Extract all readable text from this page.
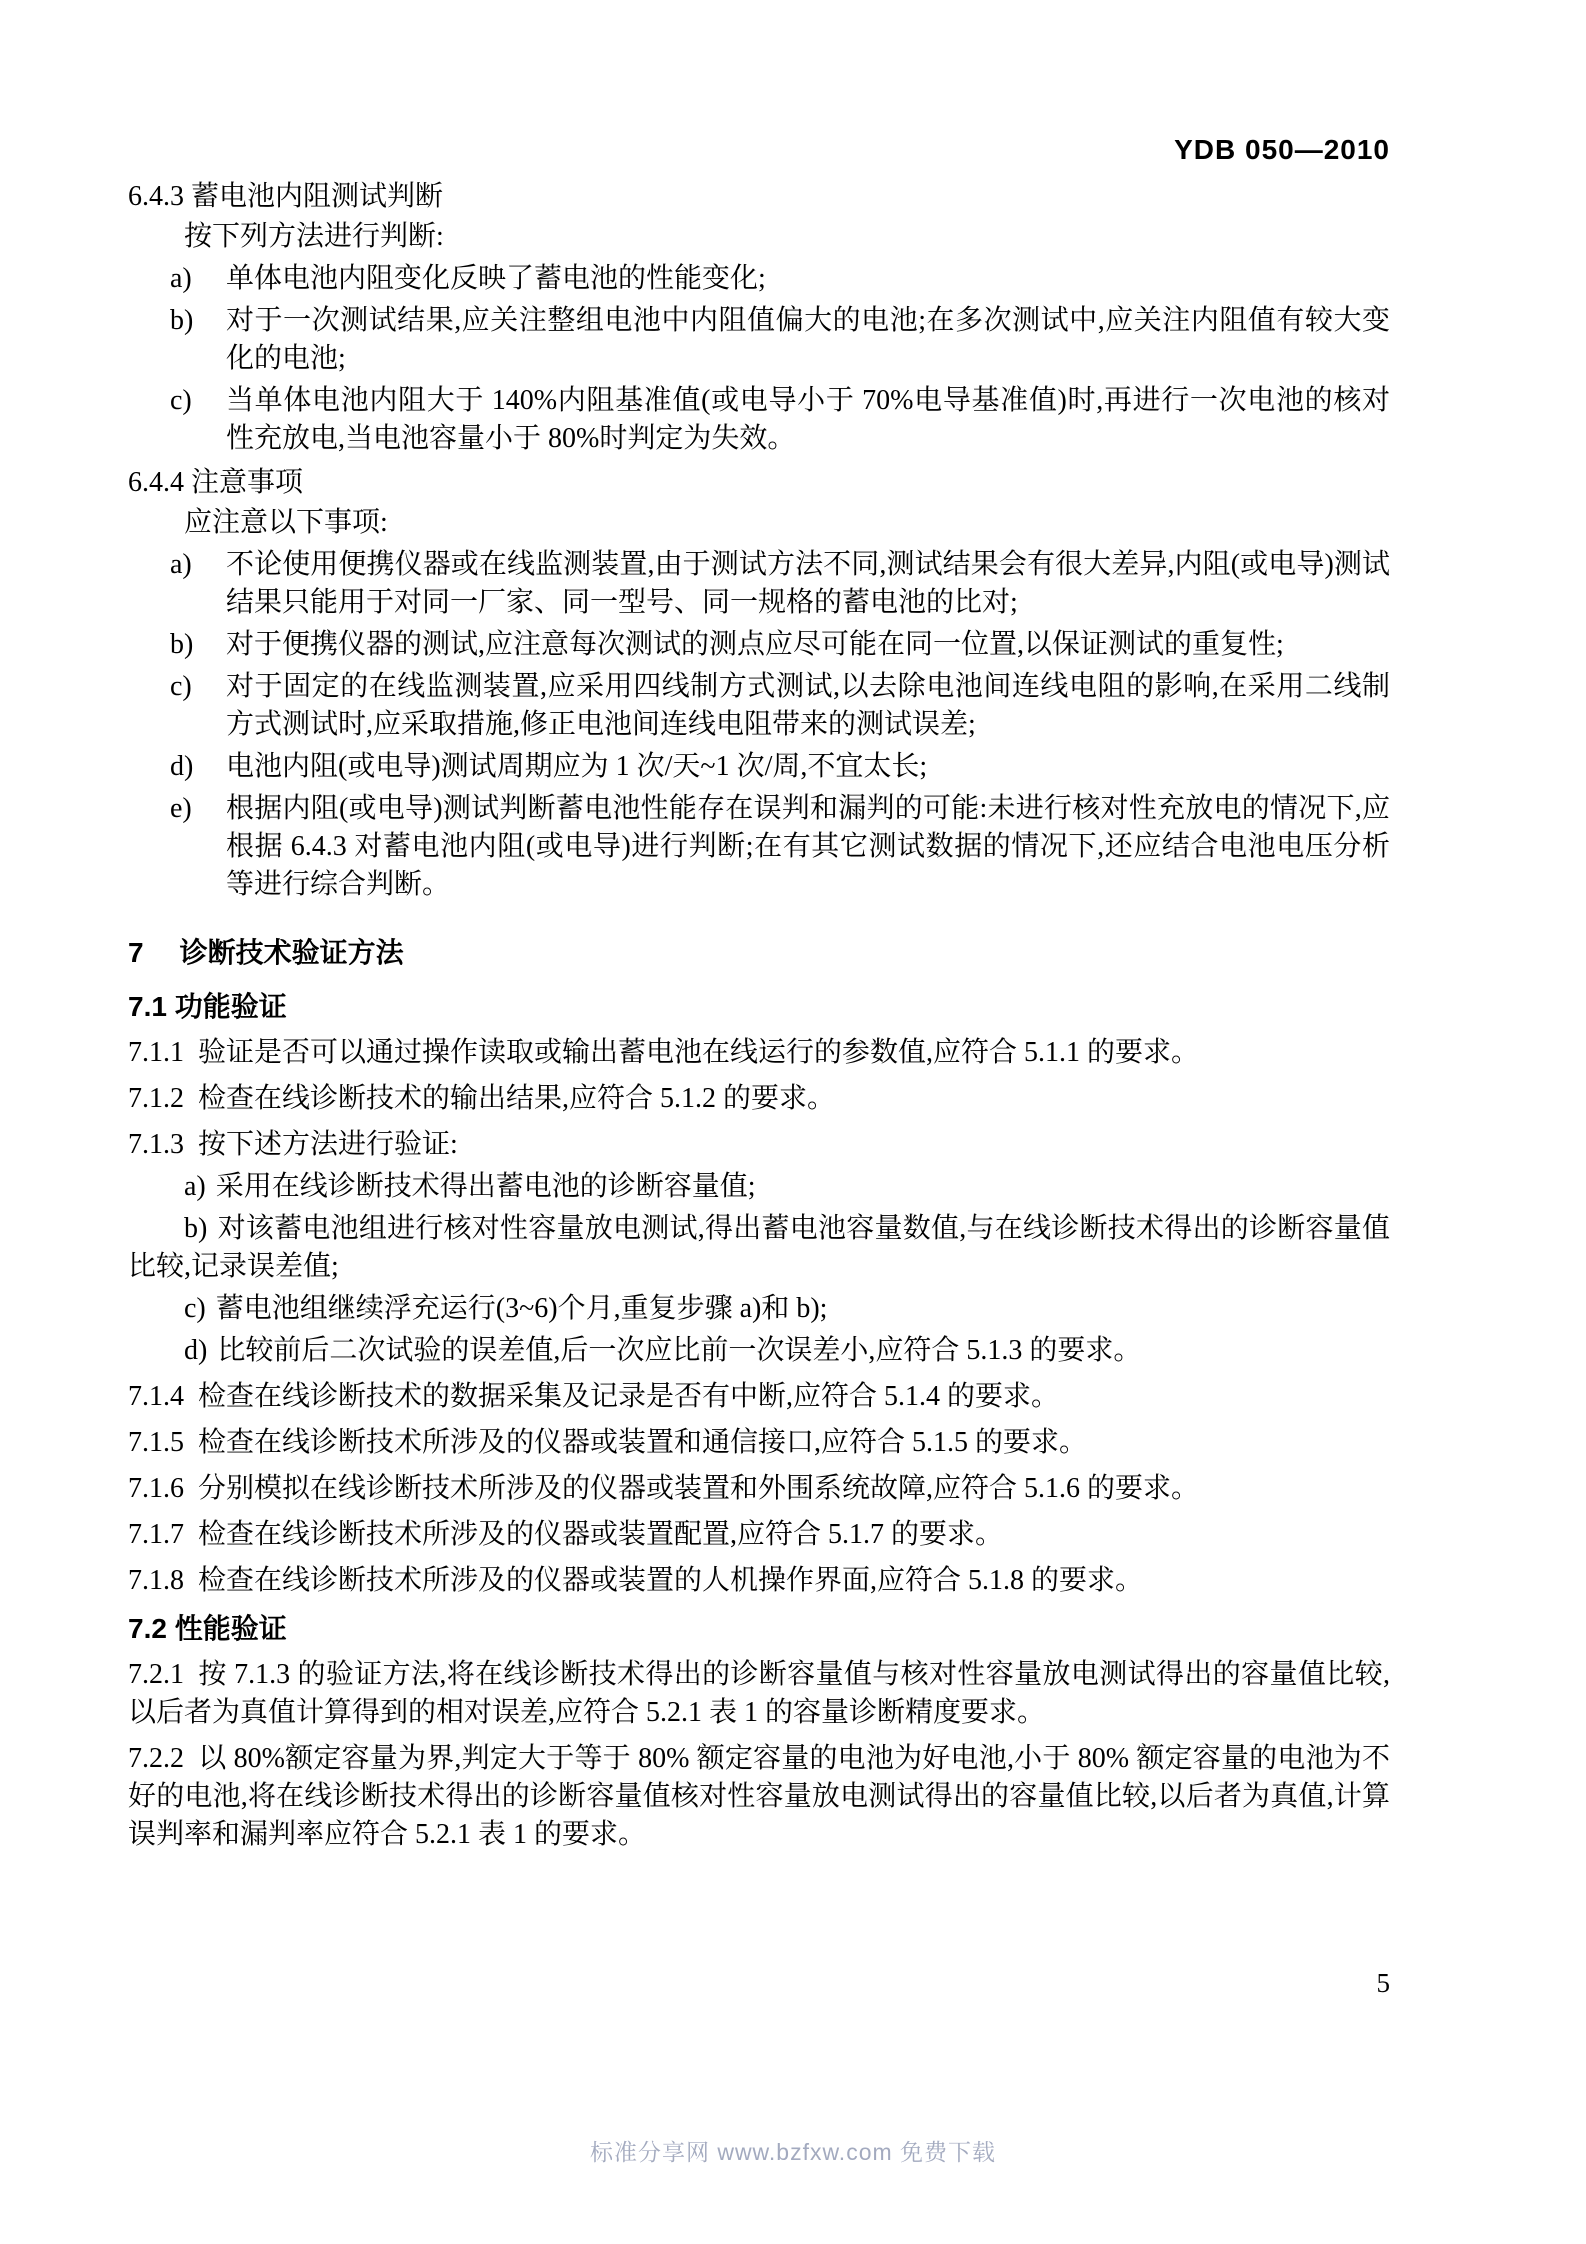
YDB 050—2010

6.4.3 蓄电池内阻测试判断

按下列方法进行判断:

a)	单体电池内阻变化反映了蓄电池的性能变化;
b)	对于一次测试结果,应关注整组电池中内阻值偏大的电池;在多次测试中,应关注内阻值有较大变化的电池;
c)	当单体电池内阻大于 140%内阻基准值(或电导小于 70%电导基准值)时,再进行一次电池的核对性充放电,当电池容量小于 80%时判定为失效。

6.4.4 注意事项

应注意以下事项:

a)	不论使用便携仪器或在线监测装置,由于测试方法不同,测试结果会有很大差异,内阻(或电导)测试结果只能用于对同一厂家、同一型号、同一规格的蓄电池的比对;
b)	对于便携仪器的测试,应注意每次测试的测点应尽可能在同一位置,以保证测试的重复性;
c)	对于固定的在线监测装置,应采用四线制方式测试,以去除电池间连线电阻的影响,在采用二线制方式测试时,应采取措施,修正电池间连线电阻带来的测试误差;
d)	电池内阻(或电导)测试周期应为 1 次/天~1 次/周,不宜太长;
e)	根据内阻(或电导)测试判断蓄电池性能存在误判和漏判的可能:未进行核对性充放电的情况下,应根据 6.4.3 对蓄电池内阻(或电导)进行判断;在有其它测试数据的情况下,还应结合电池电压分析等进行综合判断。

7 诊断技术验证方法

7.1 功能验证

7.1.1 验证是否可以通过操作读取或输出蓄电池在线运行的参数值,应符合 5.1.1 的要求。

7.1.2 检查在线诊断技术的输出结果,应符合 5.1.2 的要求。

7.1.3 按下述方法进行验证:

a) 采用在线诊断技术得出蓄电池的诊断容量值;

b) 对该蓄电池组进行核对性容量放电测试,得出蓄电池容量数值,与在线诊断技术得出的诊断容量值比较,记录误差值;

c) 蓄电池组继续浮充运行(3~6)个月,重复步骤 a)和 b);

d) 比较前后二次试验的误差值,后一次应比前一次误差小,应符合 5.1.3 的要求。

7.1.4 检查在线诊断技术的数据采集及记录是否有中断,应符合 5.1.4 的要求。

7.1.5 检查在线诊断技术所涉及的仪器或装置和通信接口,应符合 5.1.5 的要求。

7.1.6 分别模拟在线诊断技术所涉及的仪器或装置和外围系统故障,应符合 5.1.6 的要求。

7.1.7 检查在线诊断技术所涉及的仪器或装置配置,应符合 5.1.7 的要求。

7.1.8 检查在线诊断技术所涉及的仪器或装置的人机操作界面,应符合 5.1.8 的要求。

7.2 性能验证

7.2.1 按 7.1.3 的验证方法,将在线诊断技术得出的诊断容量值与核对性容量放电测试得出的容量值比较,以后者为真值计算得到的相对误差,应符合 5.2.1 表 1 的容量诊断精度要求。

7.2.2 以 80%额定容量为界,判定大于等于 80% 额定容量的电池为好电池,小于 80% 额定容量的电池为不好的电池,将在线诊断技术得出的诊断容量值核对性容量放电测试得出的容量值比较,以后者为真值,计算误判率和漏判率应符合 5.2.1 表 1 的要求。

5
标准分享网 www.bzfxw.com 免费下载
